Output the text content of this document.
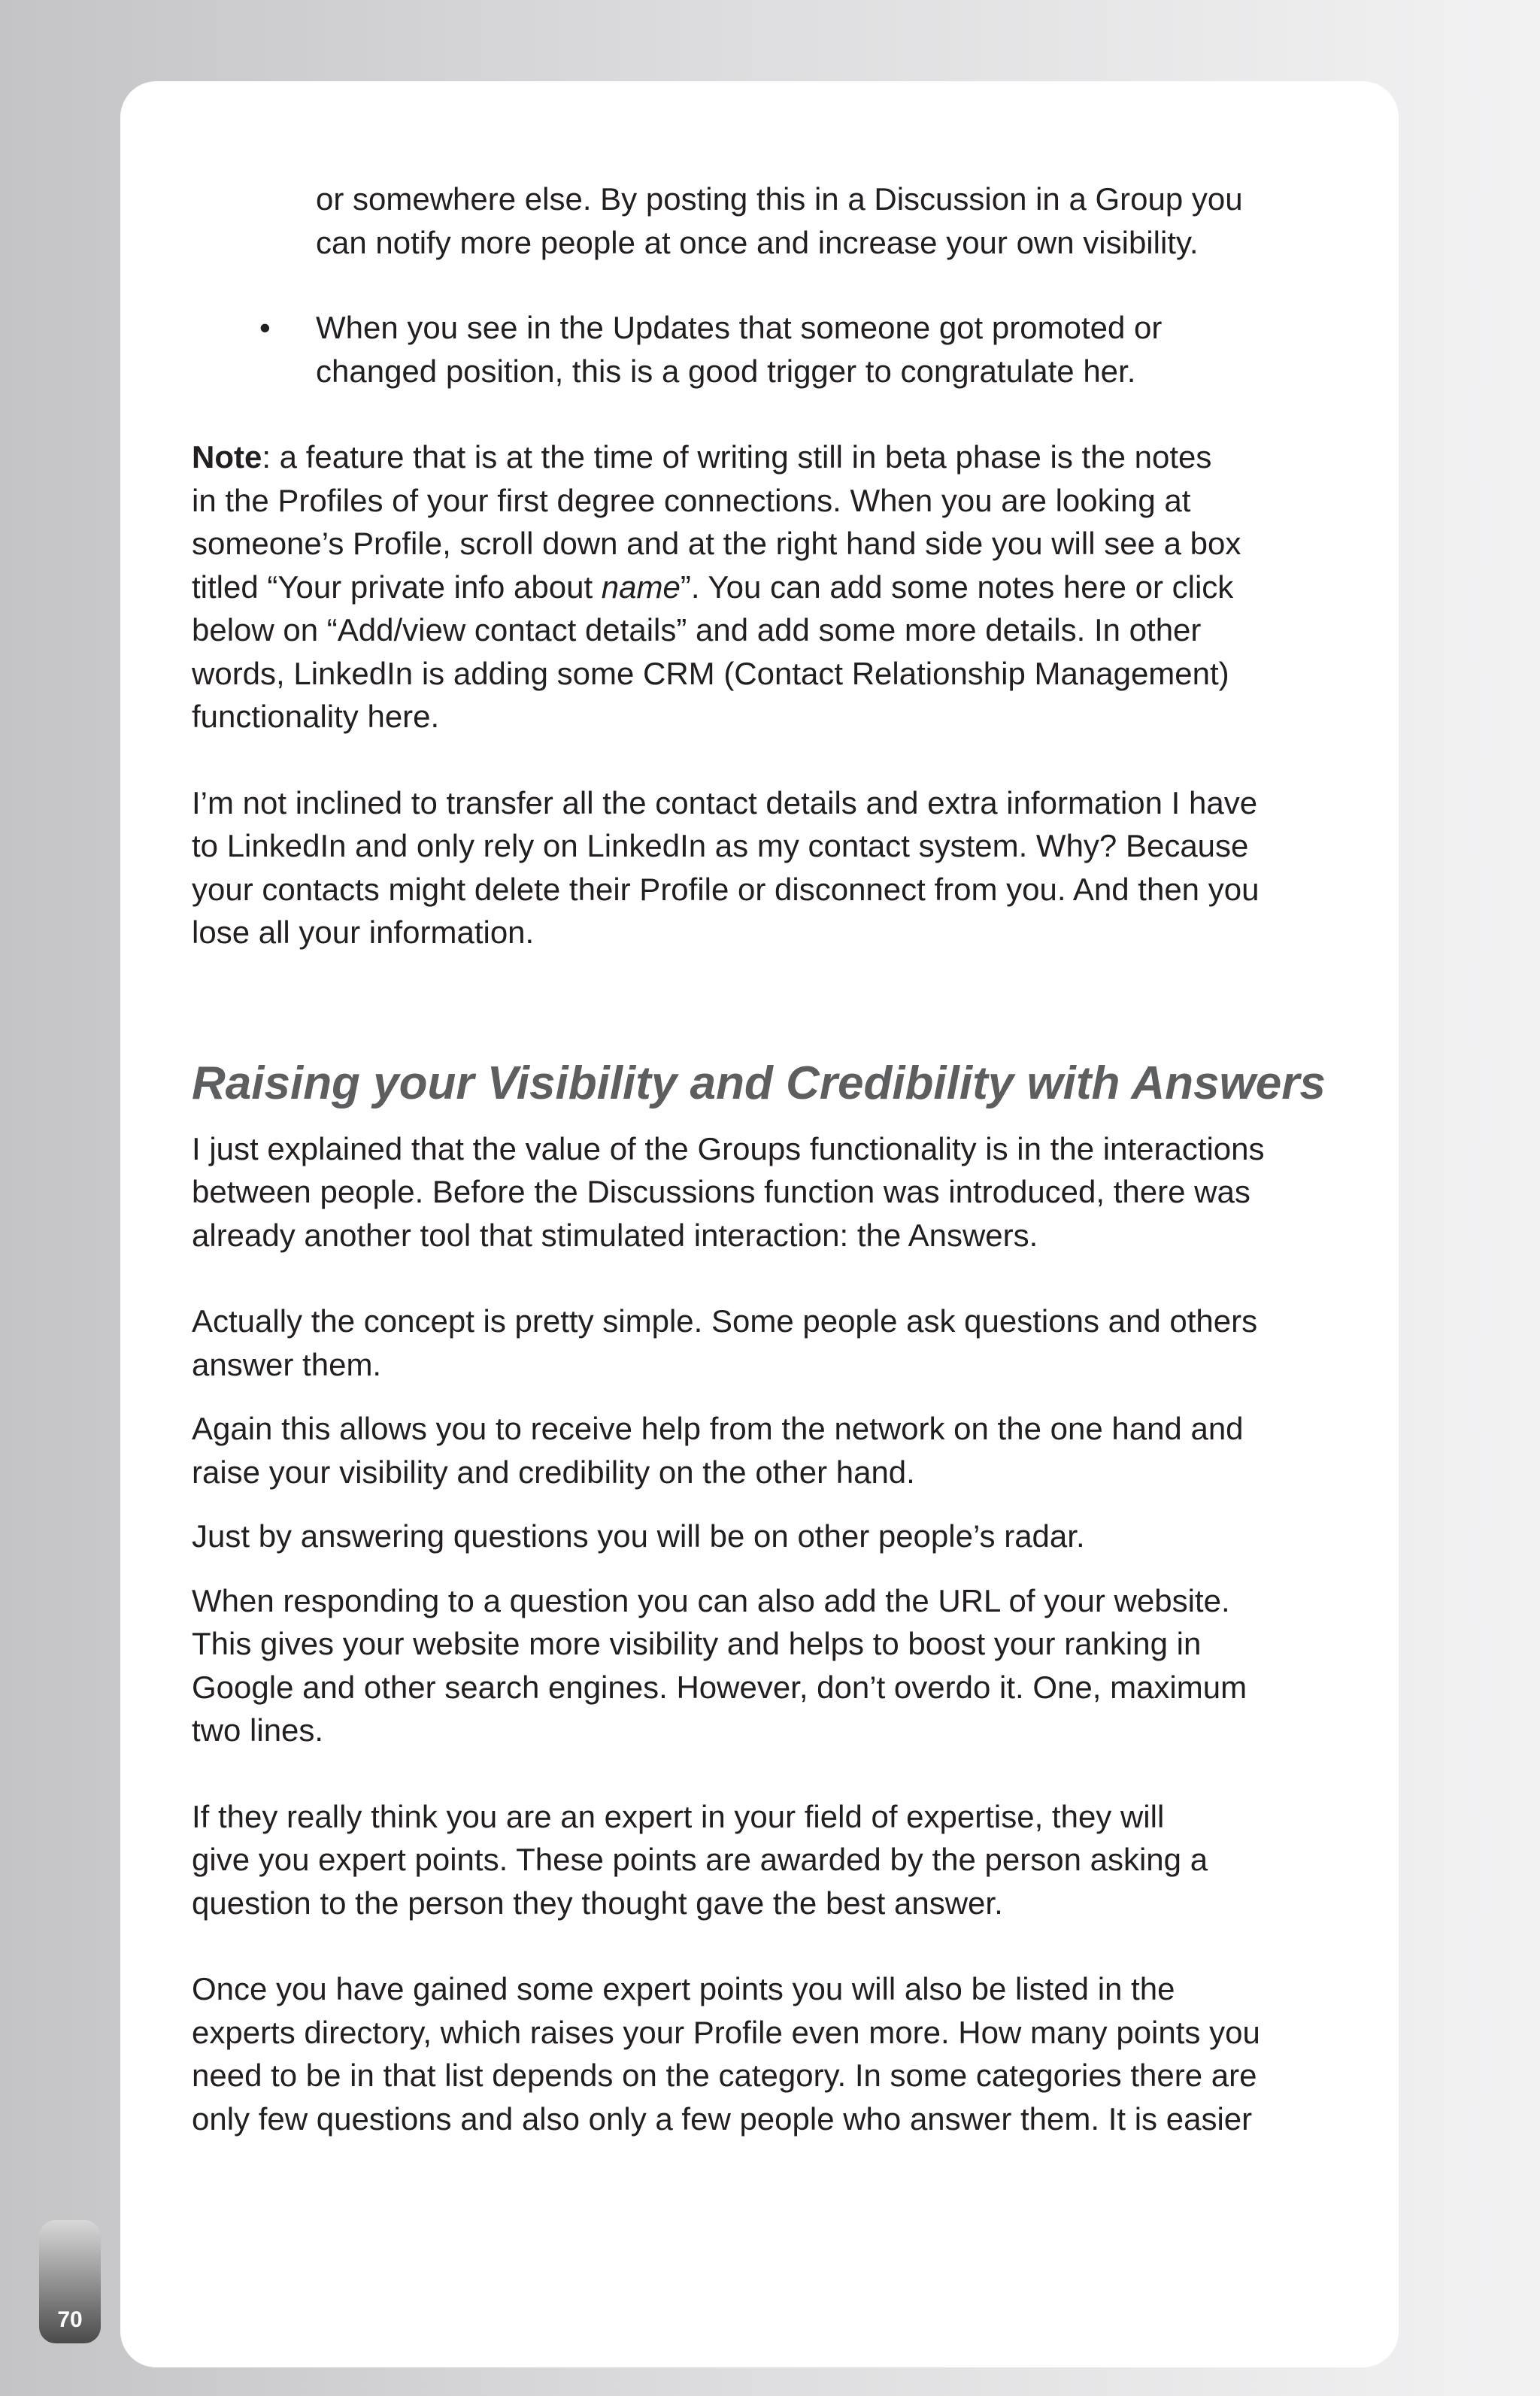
or somewhere else. By posting this in a Discussion in a Group you
can notify more people at once and increase your own visibility.

• When you see in the Updates that someone got promoted or
changed position, this is a good trigger to congratulate her.

Note: a feature that is at the time of writing still in beta phase is the notes
in the Profiles of your first degree connections. When you are looking at
someone’s Profile, scroll down and at the right hand side you will see a box
titled “Your private info about name”. You can add some notes here or click
below on “Add/view contact details” and add some more details. In other
words, LinkedIn is adding some CRM (Contact Relationship Management)
functionality here.

I’m not inclined to transfer all the contact details and extra information I have
to LinkedIn and only rely on LinkedIn as my contact system. Why? Because
your contacts might delete their Profile or disconnect from you. And then you
lose all your information.

Raising your Visibility and Credibility with Answers

I just explained that the value of the Groups functionality is in the interactions
between people. Before the Discussions function was introduced, there was
already another tool that stimulated interaction: the Answers.

Actually the concept is pretty simple. Some people ask questions and others
answer them.

Again this allows you to receive help from the network on the one hand and
raise your visibility and credibility on the other hand.

Just by answering questions you will be on other people’s radar.

When responding to a question you can also add the URL of your website.
This gives your website more visibility and helps to boost your ranking in
Google and other search engines. However, don’t overdo it. One, maximum
two lines.

If they really think you are an expert in your field of expertise, they will
give you expert points. These points are awarded by the person asking a
question to the person they thought gave the best answer.

Once you have gained some expert points you will also be listed in the
experts directory, which raises your Profile even more. How many points you
need to be in that list depends on the category. In some categories there are
only few questions and also only a few people who answer them. It is easier

70
